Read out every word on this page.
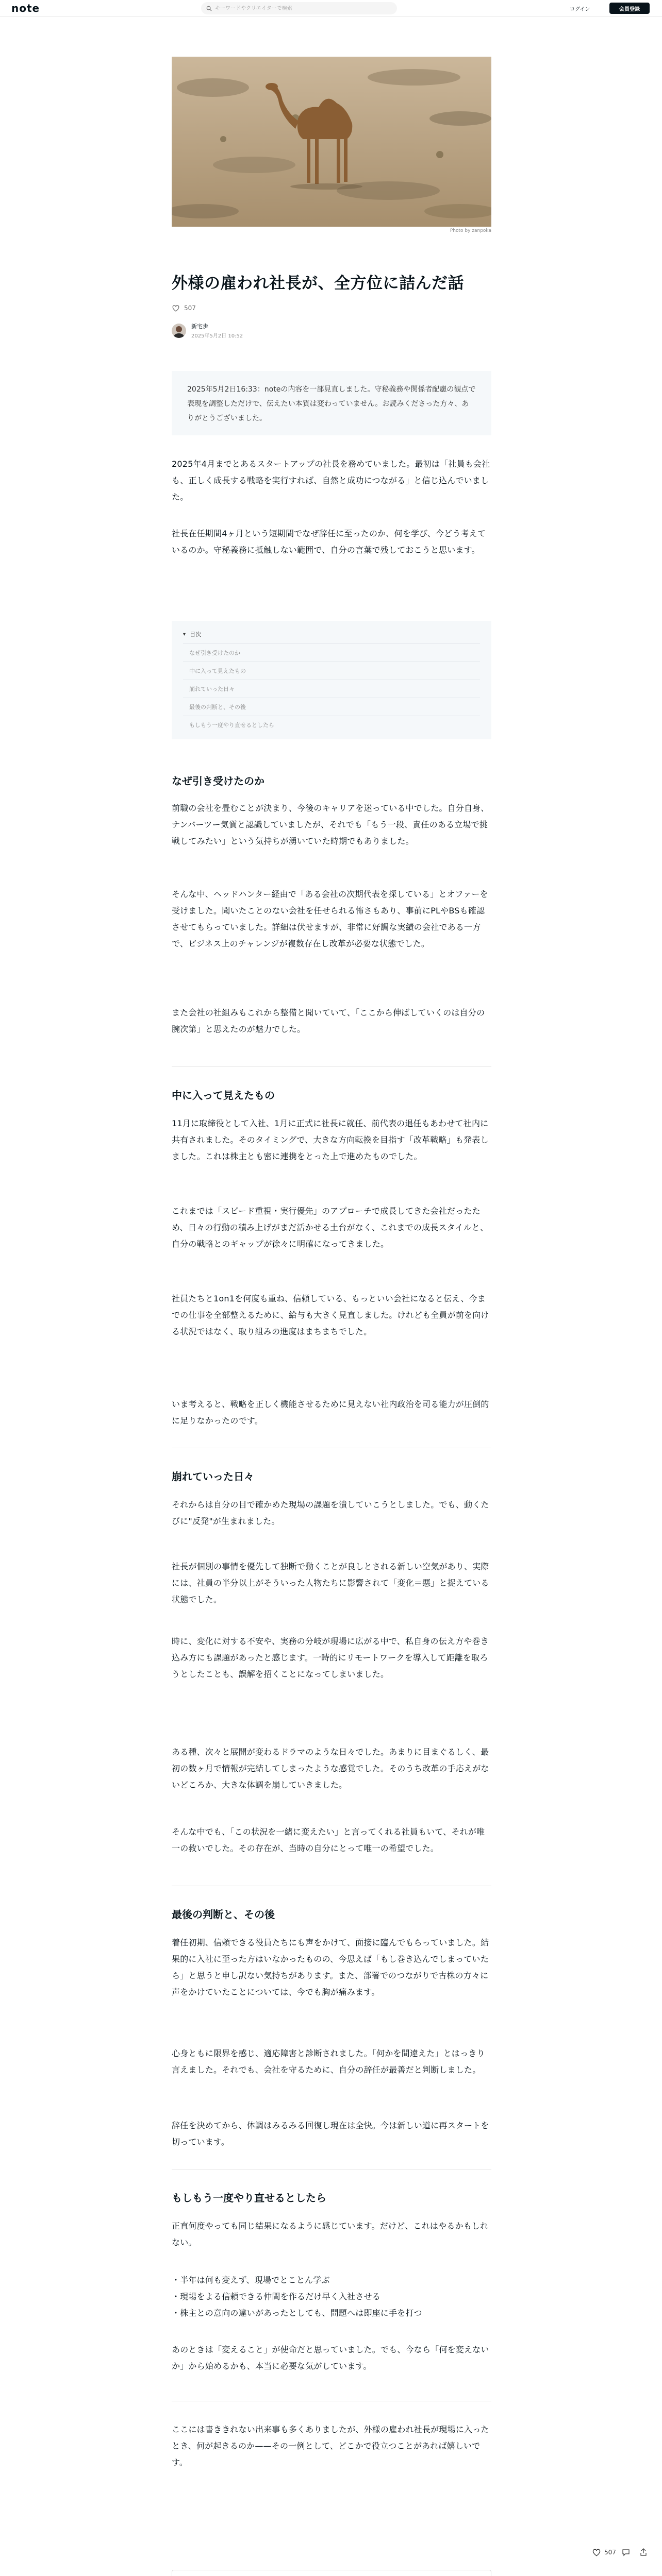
note
キーワードやクリエイターで検索	ログイン	会員登録
Photo by zanpoka
外様の雇われ社長が、全方位に詰んだ話
507
新宅歩
2025年5月2日 10:52
2025年5月2日16:33：noteの内容を一部見直しました。守秘義務や関係者配慮の観点で表現を調整しただけで、伝えたい本質は変わっていません。お読みくださった方々、ありがとうございました。
2025年4月までとあるスタートアップの社長を務めていました。最初は「社員も会社も、正しく成長する戦略を実行すれば、自然と成功につながる」と信じ込んでいました。
社長在任期間4ヶ月という短期間でなぜ辞任に至ったのか、何を学び、今どう考えているのか。守秘義務に抵触しない範囲で、自分の言葉で残しておこうと思います。
▾ 目次
なぜ引き受けたのか
中に入って見えたもの
崩れていった日々
最後の判断と、その後
もしもう一度やり直せるとしたら
なぜ引き受けたのか
前職の会社を畳むことが決まり、今後のキャリアを迷っている中でした。自分自身、ナンバーツー気質と認識していましたが、それでも「もう一段、責任のある立場で挑戦してみたい」という気持ちが湧いていた時期でもありました。
そんな中、ヘッドハンター経由で「ある会社の次期代表を探している」とオファーを受けました。聞いたことのない会社を任せられる怖さもあり、事前にPLやBSも確認させてもらっていました。詳細は伏せますが、非常に好調な実績の会社である一方で、ビジネス上のチャレンジが複数存在し改革が必要な状態でした。
また会社の社組みもこれから整備と聞いていて、「ここから伸ばしていくのは自分の腕次第」と思えたのが魅力でした。
中に入って見えたもの
11月に取締役として入社、1月に正式に社長に就任、前代表の退任もあわせて社内に共有されました。そのタイミングで、大きな方向転換を目指す「改革戦略」も発表しました。これは株主とも密に連携をとった上で進めたものでした。
これまでは「スピード重視・実行優先」のアプローチで成長してきた会社だったため、日々の行動の積み上げがまだ活かせる土台がなく、これまでの成長スタイルと、自分の戦略とのギャップが徐々に明確になってきました。
社員たちと1on1を何度も重ね、信頼している、もっといい会社になると伝え、今までの仕事を全部整えるために、給与も大きく見直しました。けれども全員が前を向ける状況ではなく、取り組みの進度はまちまちでした。
いま考えると、戦略を正しく機能させるために見えない社内政治を司る能力が圧倒的に足りなかったのです。
崩れていった日々
それからは自分の目で確かめた現場の課題を潰していこうとしました。でも、動くたびに"反発"が生まれました。
社長が個別の事情を優先して独断で動くことが良しとされる新しい空気があり、実際には、社員の半分以上がそういった人物たちに影響されて「変化＝悪」と捉えている状態でした。
時に、変化に対する不安や、実務の分岐が現場に広がる中で、私自身の伝え方や巻き込み方にも課題があったと感じます。一時的にリモートワークを導入して距離を取ろうとしたことも、誤解を招くことになってしまいました。
ある種、次々と展開が変わるドラマのような日々でした。あまりに目まぐるしく、最初の数ヶ月で情報が完結してしまったような感覚でした。そのうち改革の手応えがないどころか、大きな体調を崩していきました。
そんな中でも、「この状況を一緒に変えたい」と言ってくれる社員もいて、それが唯一の救いでした。その存在が、当時の自分にとって唯一の希望でした。
最後の判断と、その後
着任初期、信頼できる役員たちにも声をかけて、面接に臨んでもらっていました。結果的に入社に至った方はいなかったものの、今思えば「もし巻き込んでしまっていたら」と思うと申し訳ない気持ちがあります。また、部署でのつながりで古株の方々に声をかけていたことについては、今でも胸が痛みます。
心身ともに限界を感じ、適応障害と診断されました。「何かを間違えた」とはっきり言えました。それでも、会社を守るために、自分の辞任が最善だと判断しました。
辞任を決めてから、体調はみるみる回復し現在は全快。今は新しい道に再スタートを切っています。
もしもう一度やり直せるとしたら
正直何度やっても同じ結果になるように感じています。だけど、これはやるかもしれない。
・半年は何も変えず、現場でとことん学ぶ
・現場をよる信頼できる仲間を作るだけ早く入社させる
・株主との意向の違いがあったとしても、問題へは即座に手を打つ
あのときは「変えること」が使命だと思っていました。でも、今なら「何を変えないか」から始めるかも、本当に必要な気がしています。
ここには書ききれない出来事も多くありましたが、外様の雇われ社長が現場に入ったとき、何が起きるのか——その一例として、どこかで役立つことがあれば嬉しいです。
507
